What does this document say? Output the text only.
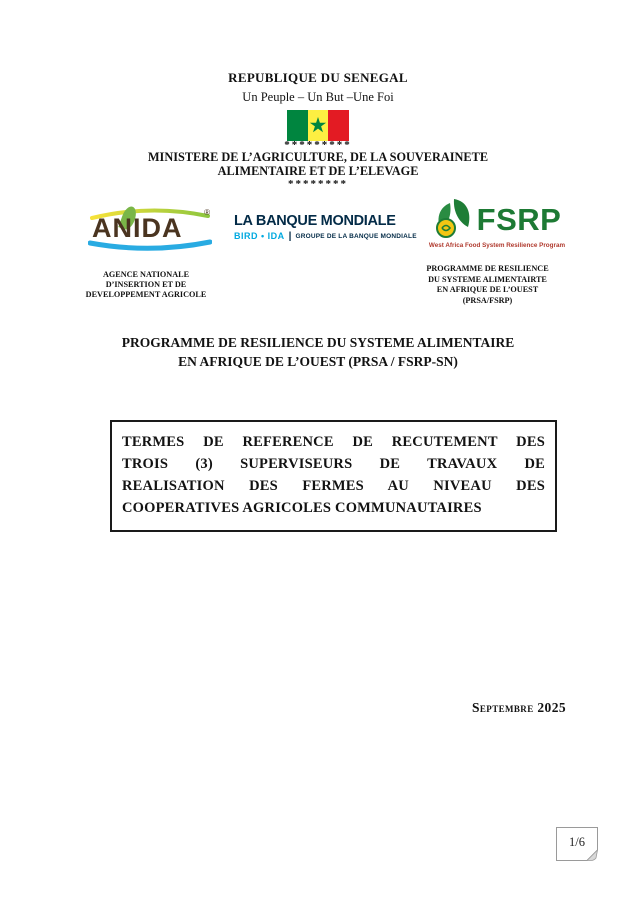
REPUBLIQUE DU SENEGAL
Un Peuple – Un But –Une Foi
*********
MINISTERE DE L’AGRICULTURE, DE LA SOUVERAINETE
ALIMENTAIRE ET DE L’ELEVAGE
********
ANIDA
® LA BANQUE MONDIALE
BIRD • IDA | GROUPE DE LA BANQUE MONDIALE FSRP
West Africa Food System Resilience Program
AGENCE NATIONALE
D’INSERTION ET DE
DEVELOPPEMENT AGRICOLE
PROGRAMME DE RESILIENCE
DU SYSTEME ALIMENTAIRTE
EN AFRIQUE DE L’OUEST
(PRSA/FSRP)
PROGRAMME DE RESILIENCE DU SYSTEME ALIMENTAIRE
EN AFRIQUE DE L’OUEST (PRSA / FSRP-SN)
TERMES DE REFERENCE DE RECUTEMENT DES
TROIS (3) SUPERVISEURS DE TRAVAUX DE
REALISATION DES FERMES AU NIVEAU DES
COOPERATIVES AGRICOLES COMMUNAUTAIRES
Septembre 2025
1/6
